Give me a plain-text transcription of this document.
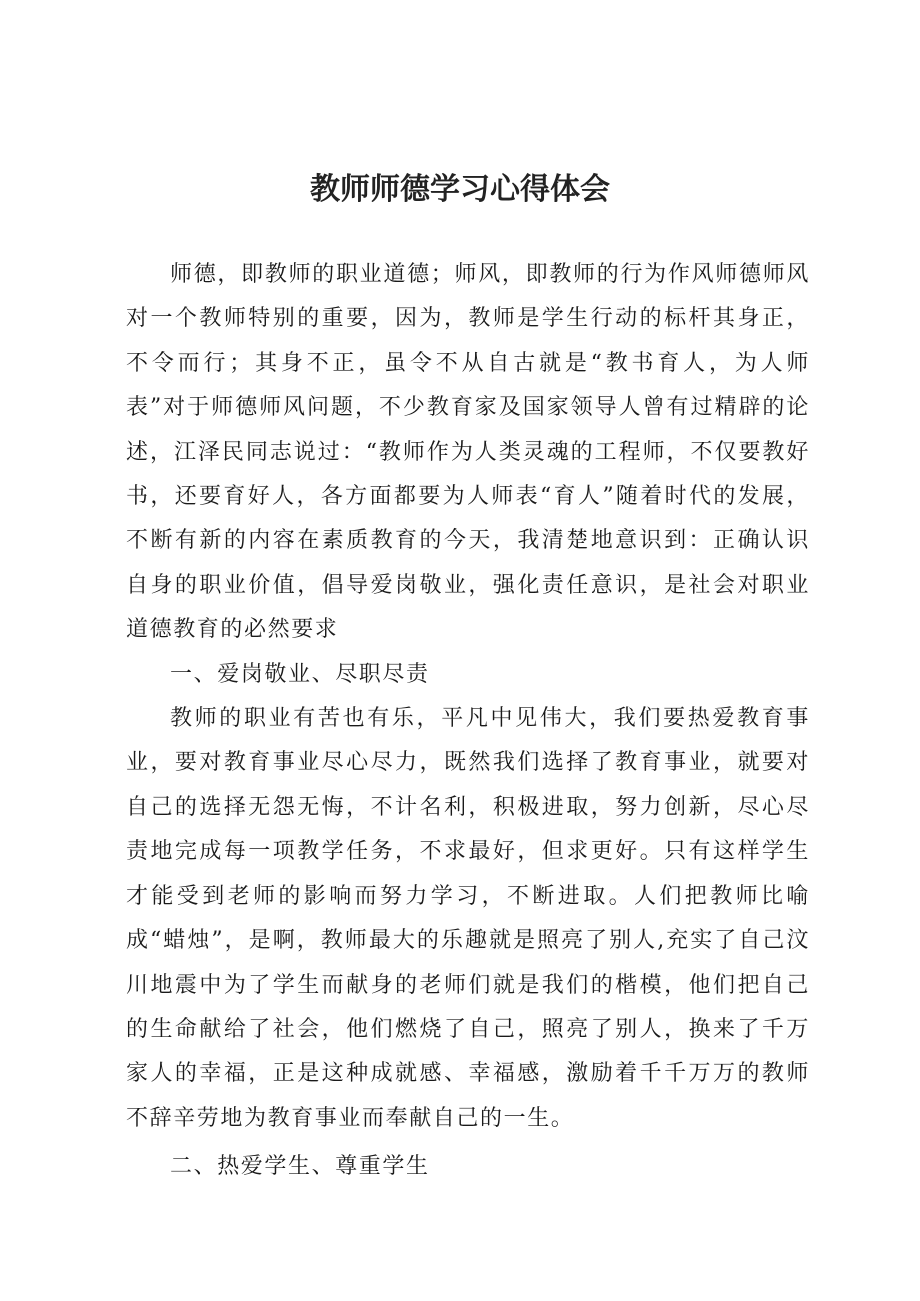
教师师德学习心得体会

师德，即教师的职业道德；师风，即教师的行为作风师德师风对一个教师特别的重要，因为，教师是学生行动的标杆其身正，不令而行；其身不正，虽令不从自古就是“教书育人，为人师表”对于师德师风问题，不少教育家及国家领导人曾有过精辟的论述，江泽民同志说过：“教师作为人类灵魂的工程师，不仅要教好书，还要育好人，各方面都要为人师表“育人”随着时代的发展，不断有新的内容在素质教育的今天，我清楚地意识到：正确认识自身的职业价值，倡导爱岗敬业，强化责任意识，是社会对职业道德教育的必然要求

一、爱岗敬业、尽职尽责

教师的职业有苦也有乐，平凡中见伟大，我们要热爱教育事业，要对教育事业尽心尽力，既然我们选择了教育事业，就要对自己的选择无怨无悔，不计名利，积极进取，努力创新，尽心尽责地完成每一项教学任务，不求最好，但求更好。只有这样学生才能受到老师的影响而努力学习，不断进取。人们把教师比喻成“蜡烛”，是啊，教师最大的乐趣就是照亮了别人,充实了自己汶川地震中为了学生而献身的老师们就是我们的楷模，他们把自己的生命献给了社会，他们燃烧了自己，照亮了别人，换来了千万家人的幸福，正是这种成就感、幸福感，激励着千千万万的教师不辞辛劳地为教育事业而奉献自己的一生。

二、热爱学生、尊重学生
